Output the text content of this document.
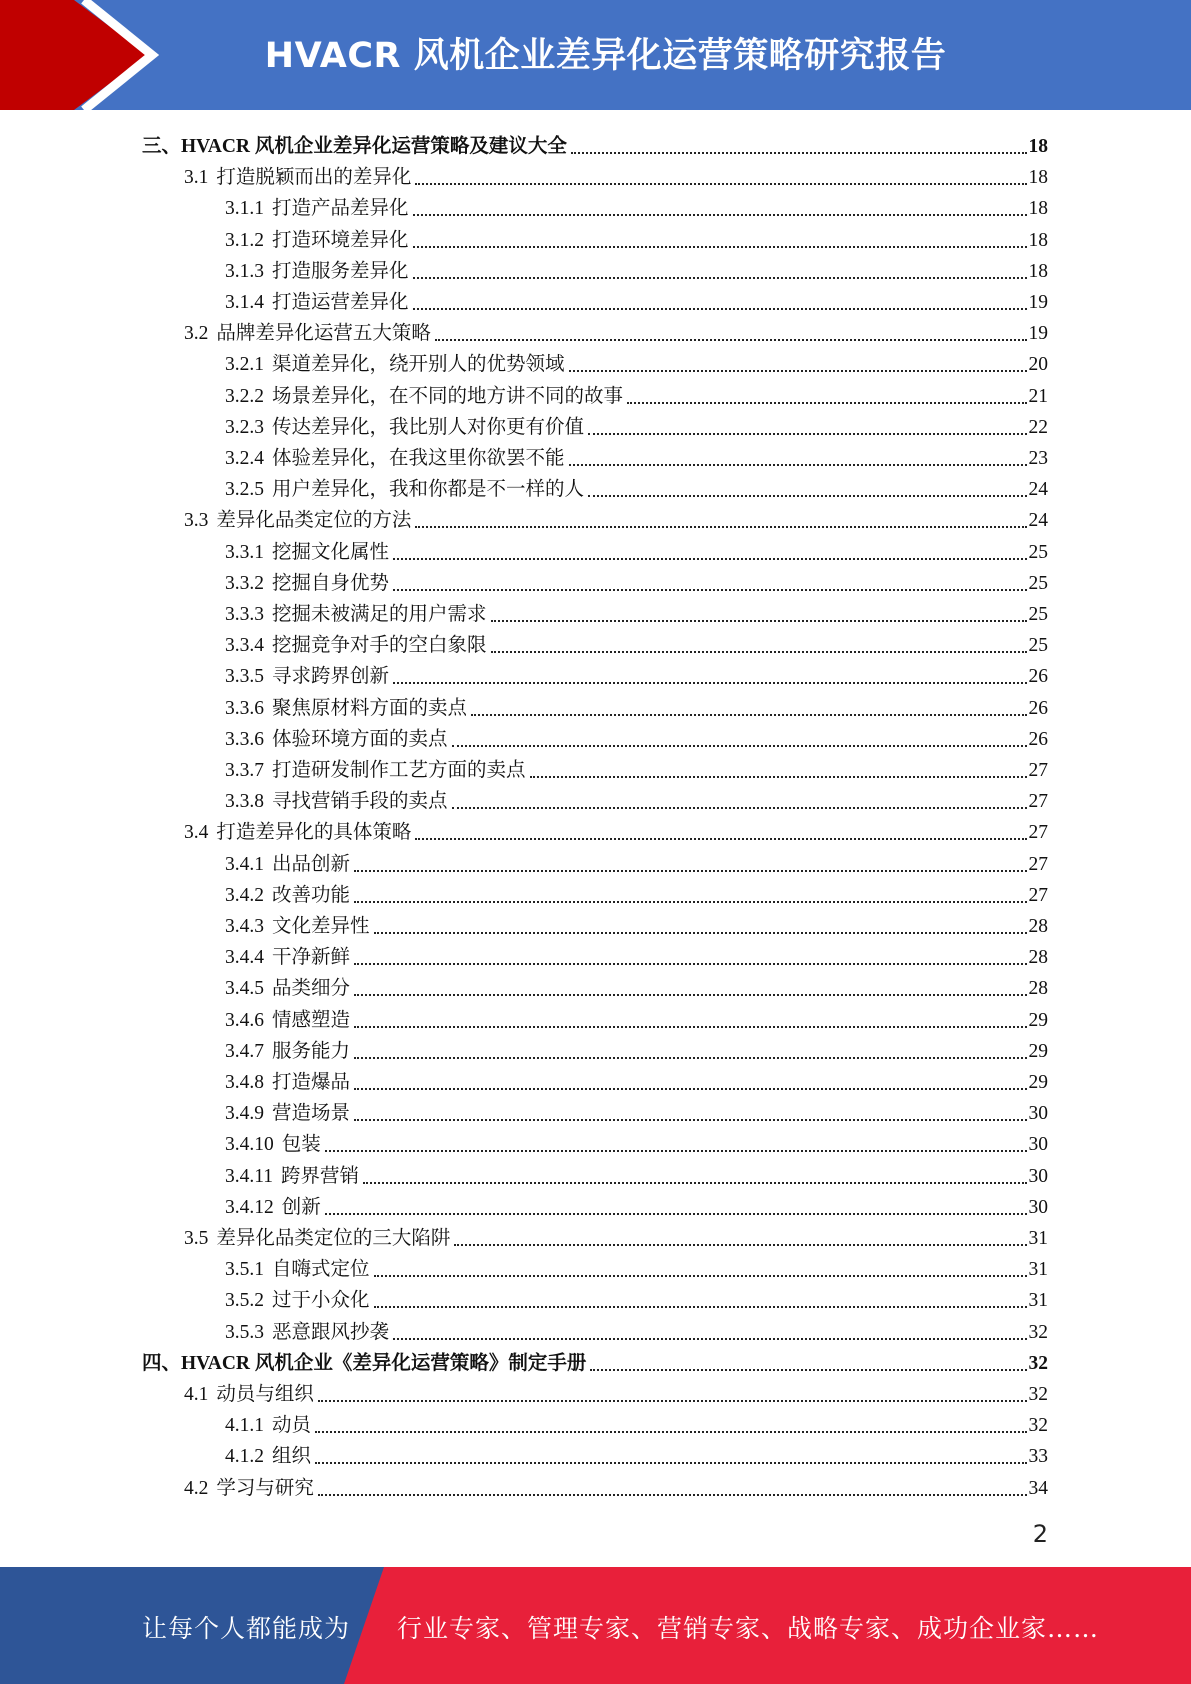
HVACR 风机企业差异化运营策略研究报告
三、HVACR 风机企业差异化运营策略及建议大全	18
3.1 打造脱颖而出的差异化	18
3.1.1 打造产品差异化	18
3.1.2 打造环境差异化	18
3.1.3 打造服务差异化	18
3.1.4 打造运营差异化	19
3.2 品牌差异化运营五大策略	19
3.2.1 渠道差异化，绕开别人的优势领域	20
3.2.2 场景差异化，在不同的地方讲不同的故事	21
3.2.3 传达差异化，我比别人对你更有价值	22
3.2.4 体验差异化，在我这里你欲罢不能	23
3.2.5 用户差异化，我和你都是不一样的人	24
3.3 差异化品类定位的方法	24
3.3.1 挖掘文化属性	25
3.3.2 挖掘自身优势	25
3.3.3 挖掘未被满足的用户需求	25
3.3.4 挖掘竞争对手的空白象限	25
3.3.5 寻求跨界创新	26
3.3.6 聚焦原材料方面的卖点	26
3.3.6 体验环境方面的卖点	26
3.3.7 打造研发制作工艺方面的卖点	27
3.3.8 寻找营销手段的卖点	27
3.4 打造差异化的具体策略	27
3.4.1 出品创新	27
3.4.2 改善功能	27
3.4.3 文化差异性	28
3.4.4 干净新鲜	28
3.4.5 品类细分	28
3.4.6 情感塑造	29
3.4.7 服务能力	29
3.4.8 打造爆品	29
3.4.9 营造场景	30
3.4.10 包装	30
3.4.11 跨界营销	30
3.4.12 创新	30
3.5 差异化品类定位的三大陷阱	31
3.5.1 自嗨式定位	31
3.5.2 过于小众化	31
3.5.3 恶意跟风抄袭	32
四、HVACR 风机企业《差异化运营策略》制定手册	32
4.1 动员与组织	32
4.1.1 动员	32
4.1.2 组织	33
4.2 学习与研究	34
2
让每个人都能成为 行业专家、管理专家、营销专家、战略专家、成功企业家……
